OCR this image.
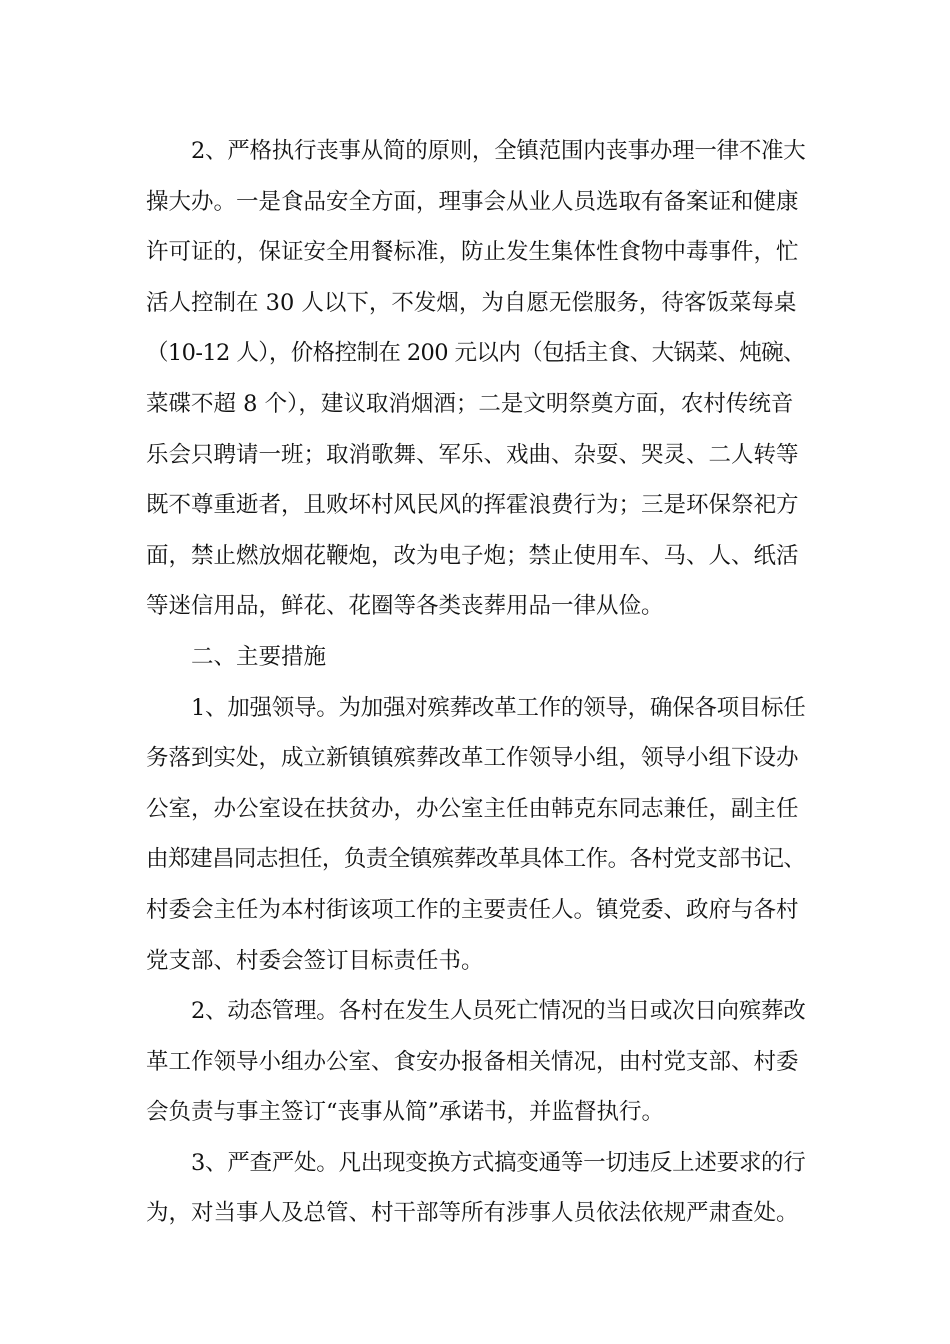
2、严格执行丧事从简的原则，全镇范围内丧事办理一律不准大
操大办。一是食品安全方面，理事会从业人员选取有备案证和健康
许可证的，保证安全用餐标准，防止发生集体性食物中毒事件，忙
活人控制在 30 人以下，不发烟，为自愿无偿服务，待客饭菜每桌
（10-12 人），价格控制在 200 元以内（包括主食、大锅菜、炖碗、
菜碟不超 8 个），建议取消烟酒；二是文明祭奠方面，农村传统音
乐会只聘请一班；取消歌舞、军乐、戏曲、杂耍、哭灵、二人转等
既不尊重逝者，且败坏村风民风的挥霍浪费行为；三是环保祭祀方
面，禁止燃放烟花鞭炮，改为电子炮；禁止使用车、马、人、纸活
等迷信用品，鲜花、花圈等各类丧葬用品一律从俭。
二、主要措施
1、加强领导。为加强对殡葬改革工作的领导，确保各项目标任
务落到实处，成立新镇镇殡葬改革工作领导小组，领导小组下设办
公室，办公室设在扶贫办，办公室主任由韩克东同志兼任，副主任
由郑建昌同志担任，负责全镇殡葬改革具体工作。各村党支部书记、
村委会主任为本村街该项工作的主要责任人。镇党委、政府与各村
党支部、村委会签订目标责任书。
2、动态管理。各村在发生人员死亡情况的当日或次日向殡葬改
革工作领导小组办公室、食安办报备相关情况，由村党支部、村委
会负责与事主签订“丧事从简”承诺书，并监督执行。
3、严查严处。凡出现变换方式搞变通等一切违反上述要求的行
为，对当事人及总管、村干部等所有涉事人员依法依规严肃查处。
